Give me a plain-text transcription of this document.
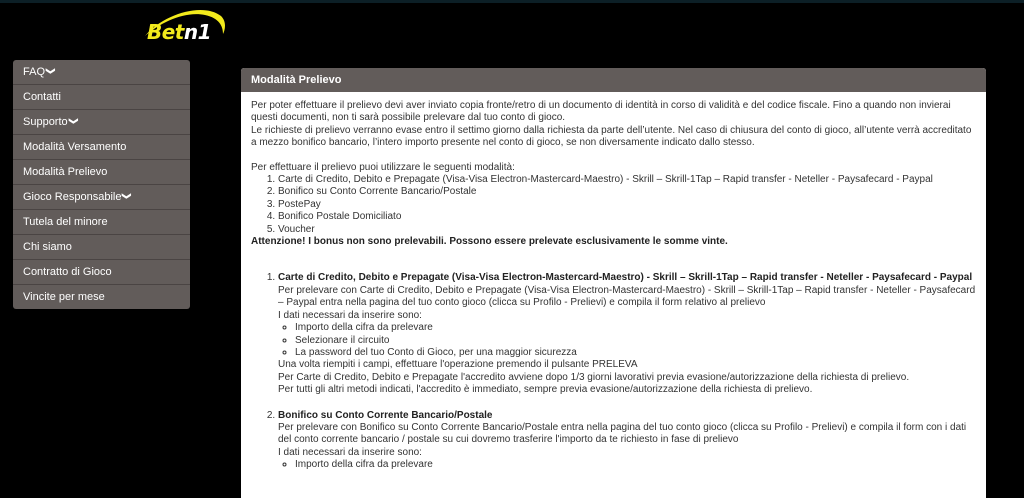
Betn1
FAQ❯
Contatti
Supporto❯
Modalità Versamento
Modalità Prelievo
Gioco Responsabile❯
Tutela del minore
Chi siamo
Contratto di Gioco
Vincite per mese
Modalità Prelievo

Per poter effettuare il prelievo devi aver inviato copia fronte/retro di un documento di identità in corso di validità e del codice fiscale. Fino a quando non invierai questi documenti, non ti sarà possibile prelevare dal tuo conto di gioco.

Le richieste di prelievo verranno evase entro il settimo giorno dalla richiesta da parte dell’utente. Nel caso di chiusura del conto di gioco, all’utente verrà accreditato a mezzo bonifico bancario, l’intero importo presente nel conto di gioco, se non diversamente indicato dallo stesso.

Per effettuare il prelievo puoi utilizzare le seguenti modalità:

1. Carte di Credito, Debito e Prepagate (Visa-Visa Electron-Mastercard-Maestro) - Skrill – Skrill-1Tap – Rapid transfer - Neteller - Paysafecard - Paypal
2. Bonifico su Conto Corrente Bancario/Postale
3. PostePay
4. Bonifico Postale Domiciliato
5. Voucher

Attenzione! I bonus non sono prelevabili. Possono essere prelevate esclusivamente le somme vinte.

1. Carte di Credito, Debito e Prepagate (Visa-Visa Electron-Mastercard-Maestro) - Skrill – Skrill-1Tap – Rapid transfer - Neteller - Paysafecard - Paypal
Per prelevare con Carte di Credito, Debito e Prepagate (Visa-Visa Electron-Mastercard-Maestro) - Skrill – Skrill-1Tap – Rapid transfer - Neteller - Paysafecard – Paypal entra nella pagina del tuo conto gioco (clicca su Profilo - Prelievi) e compila il form relativo al prelievo
I dati necessari da inserire sono:
◦ Importo della cifra da prelevare
◦ Selezionare il circuito
◦ La password del tuo Conto di Gioco, per una maggior sicurezza
Una volta riempiti i campi, effettuare l'operazione premendo il pulsante PRELEVA
Per Carte di Credito, Debito e Prepagate l'accredito avviene dopo 1/3 giorni lavorativi previa evasione/autorizzazione della richiesta di prelievo.
Per tutti gli altri metodi indicati, l'accredito è immediato, sempre previa evasione/autorizzazione della richiesta di prelievo.
2. Bonifico su Conto Corrente Bancario/Postale
Per prelevare con Bonifico su Conto Corrente Bancario/Postale entra nella pagina del tuo conto gioco (clicca su Profilo - Prelievi) e compila il form con i dati del conto corrente bancario / postale su cui dovremo trasferire l'importo da te richiesto in fase di prelievo
I dati necessari da inserire sono:
◦ Importo della cifra da prelevare
